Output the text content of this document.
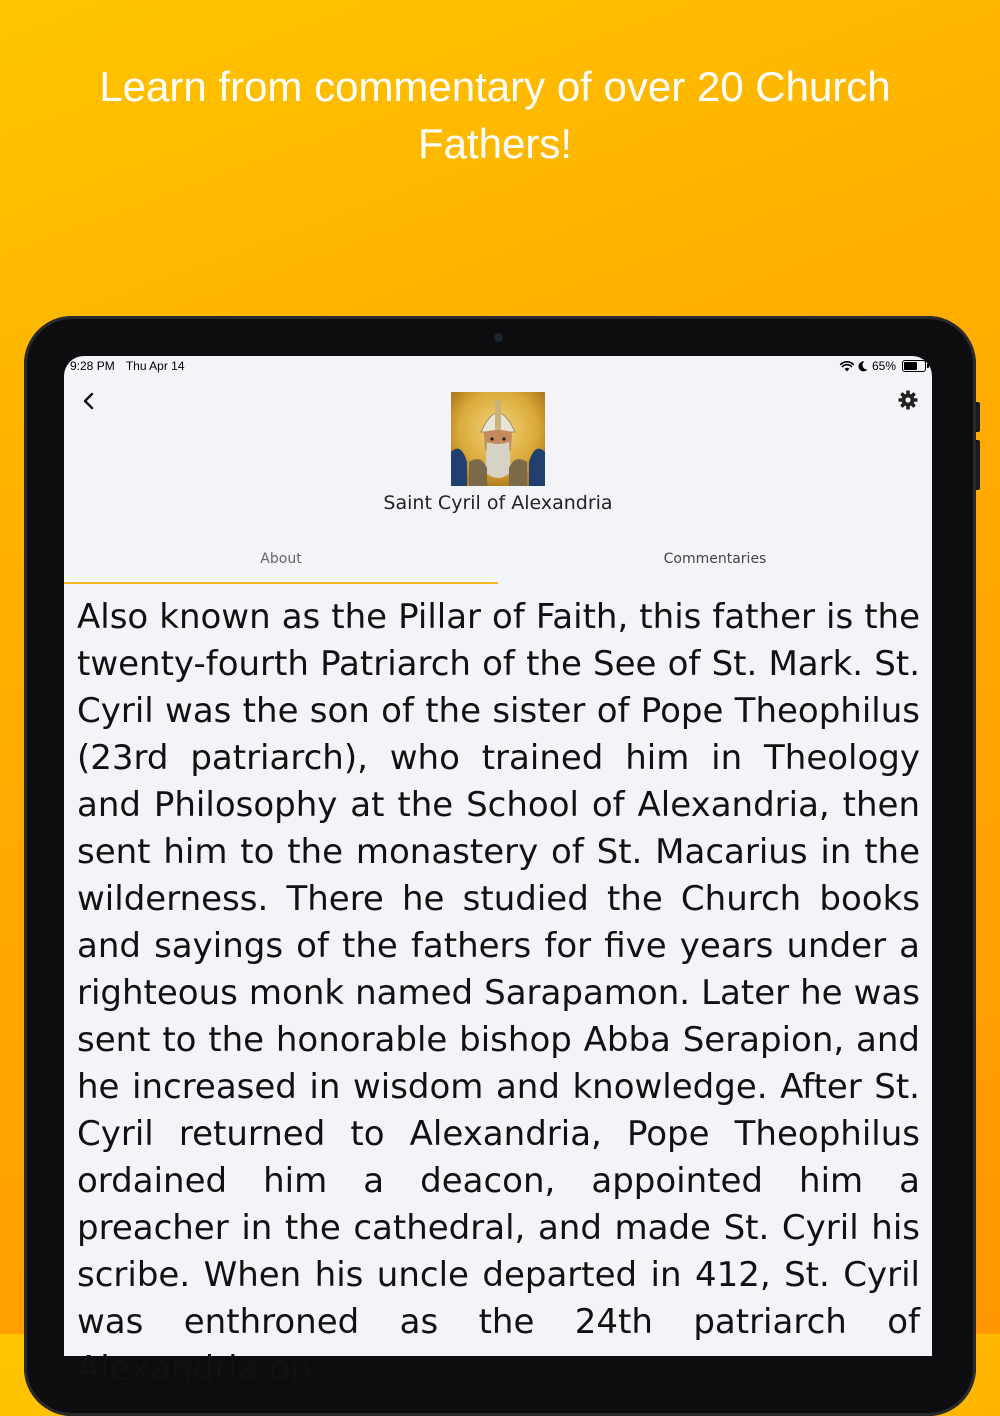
Learn from commentary of over 20 Church Fathers!
9:28 PM Thu Apr 14	65%
Saint Cyril of Alexandria
About	Commentaries

Also known as the Pillar of Faith, this father is the twenty-fourth Patriarch of the See of St. Mark. St. Cyril was the son of the sister of Pope Theophilus (23rd patriarch), who trained him in Theology and Philosophy at the School of Alexandria, then sent him to the monastery of St. Macarius in the wilderness. There he studied the Church books and sayings of the fathers for five years under a righteous monk named Sarapamon. Later he was sent to the honorable bishop Abba Serapion, and he increased in wisdom and knowledge. After St. Cyril returned to Alexandria, Pope Theophilus ordained him a deacon, appointed him a preacher in the cathedral, and made St. Cyril his scribe. When his uncle departed in 412, St. Cyril was enthroned as the 24th patriarch of Alexandria on
